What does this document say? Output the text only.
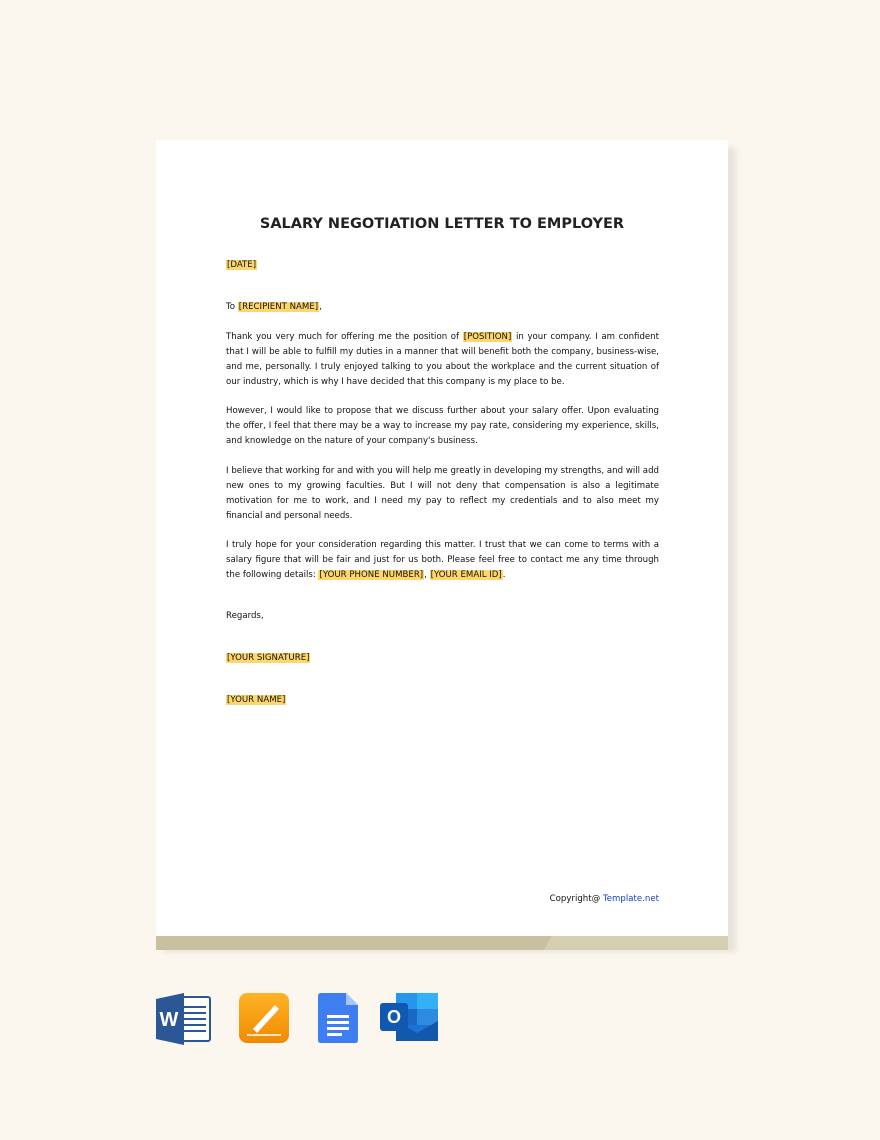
SALARY NEGOTIATION LETTER TO EMPLOYER
[DATE]
To [RECIPIENT NAME],
Thank you very much for offering me the position of [POSITION] in your company. I am confident that I will be able to fulfill my duties in a manner that will benefit both the company, business-wise, and me, personally. I truly enjoyed talking to you about the workplace and the current situation of our industry, which is why I have decided that this company is my place to be.
However, I would like to propose that we discuss further about your salary offer. Upon evaluating the offer, I feel that there may be a way to increase my pay rate, considering my experience, skills, and knowledge on the nature of your company's business.
I believe that working for and with you will help me greatly in developing my strengths, and will add new ones to my growing faculties. But I will not deny that compensation is also a legitimate motivation for me to work, and I need my pay to reflect my credentials and to also meet my financial and personal needs.
I truly hope for your consideration regarding this matter. I trust that we can come to terms with a salary figure that will be fair and just for us both. Please feel free to contact me any time through the following details: [YOUR PHONE NUMBER], [YOUR EMAIL ID].
Regards,
[YOUR SIGNATURE]
[YOUR NAME]
Copyright@ Template.net
W	O
